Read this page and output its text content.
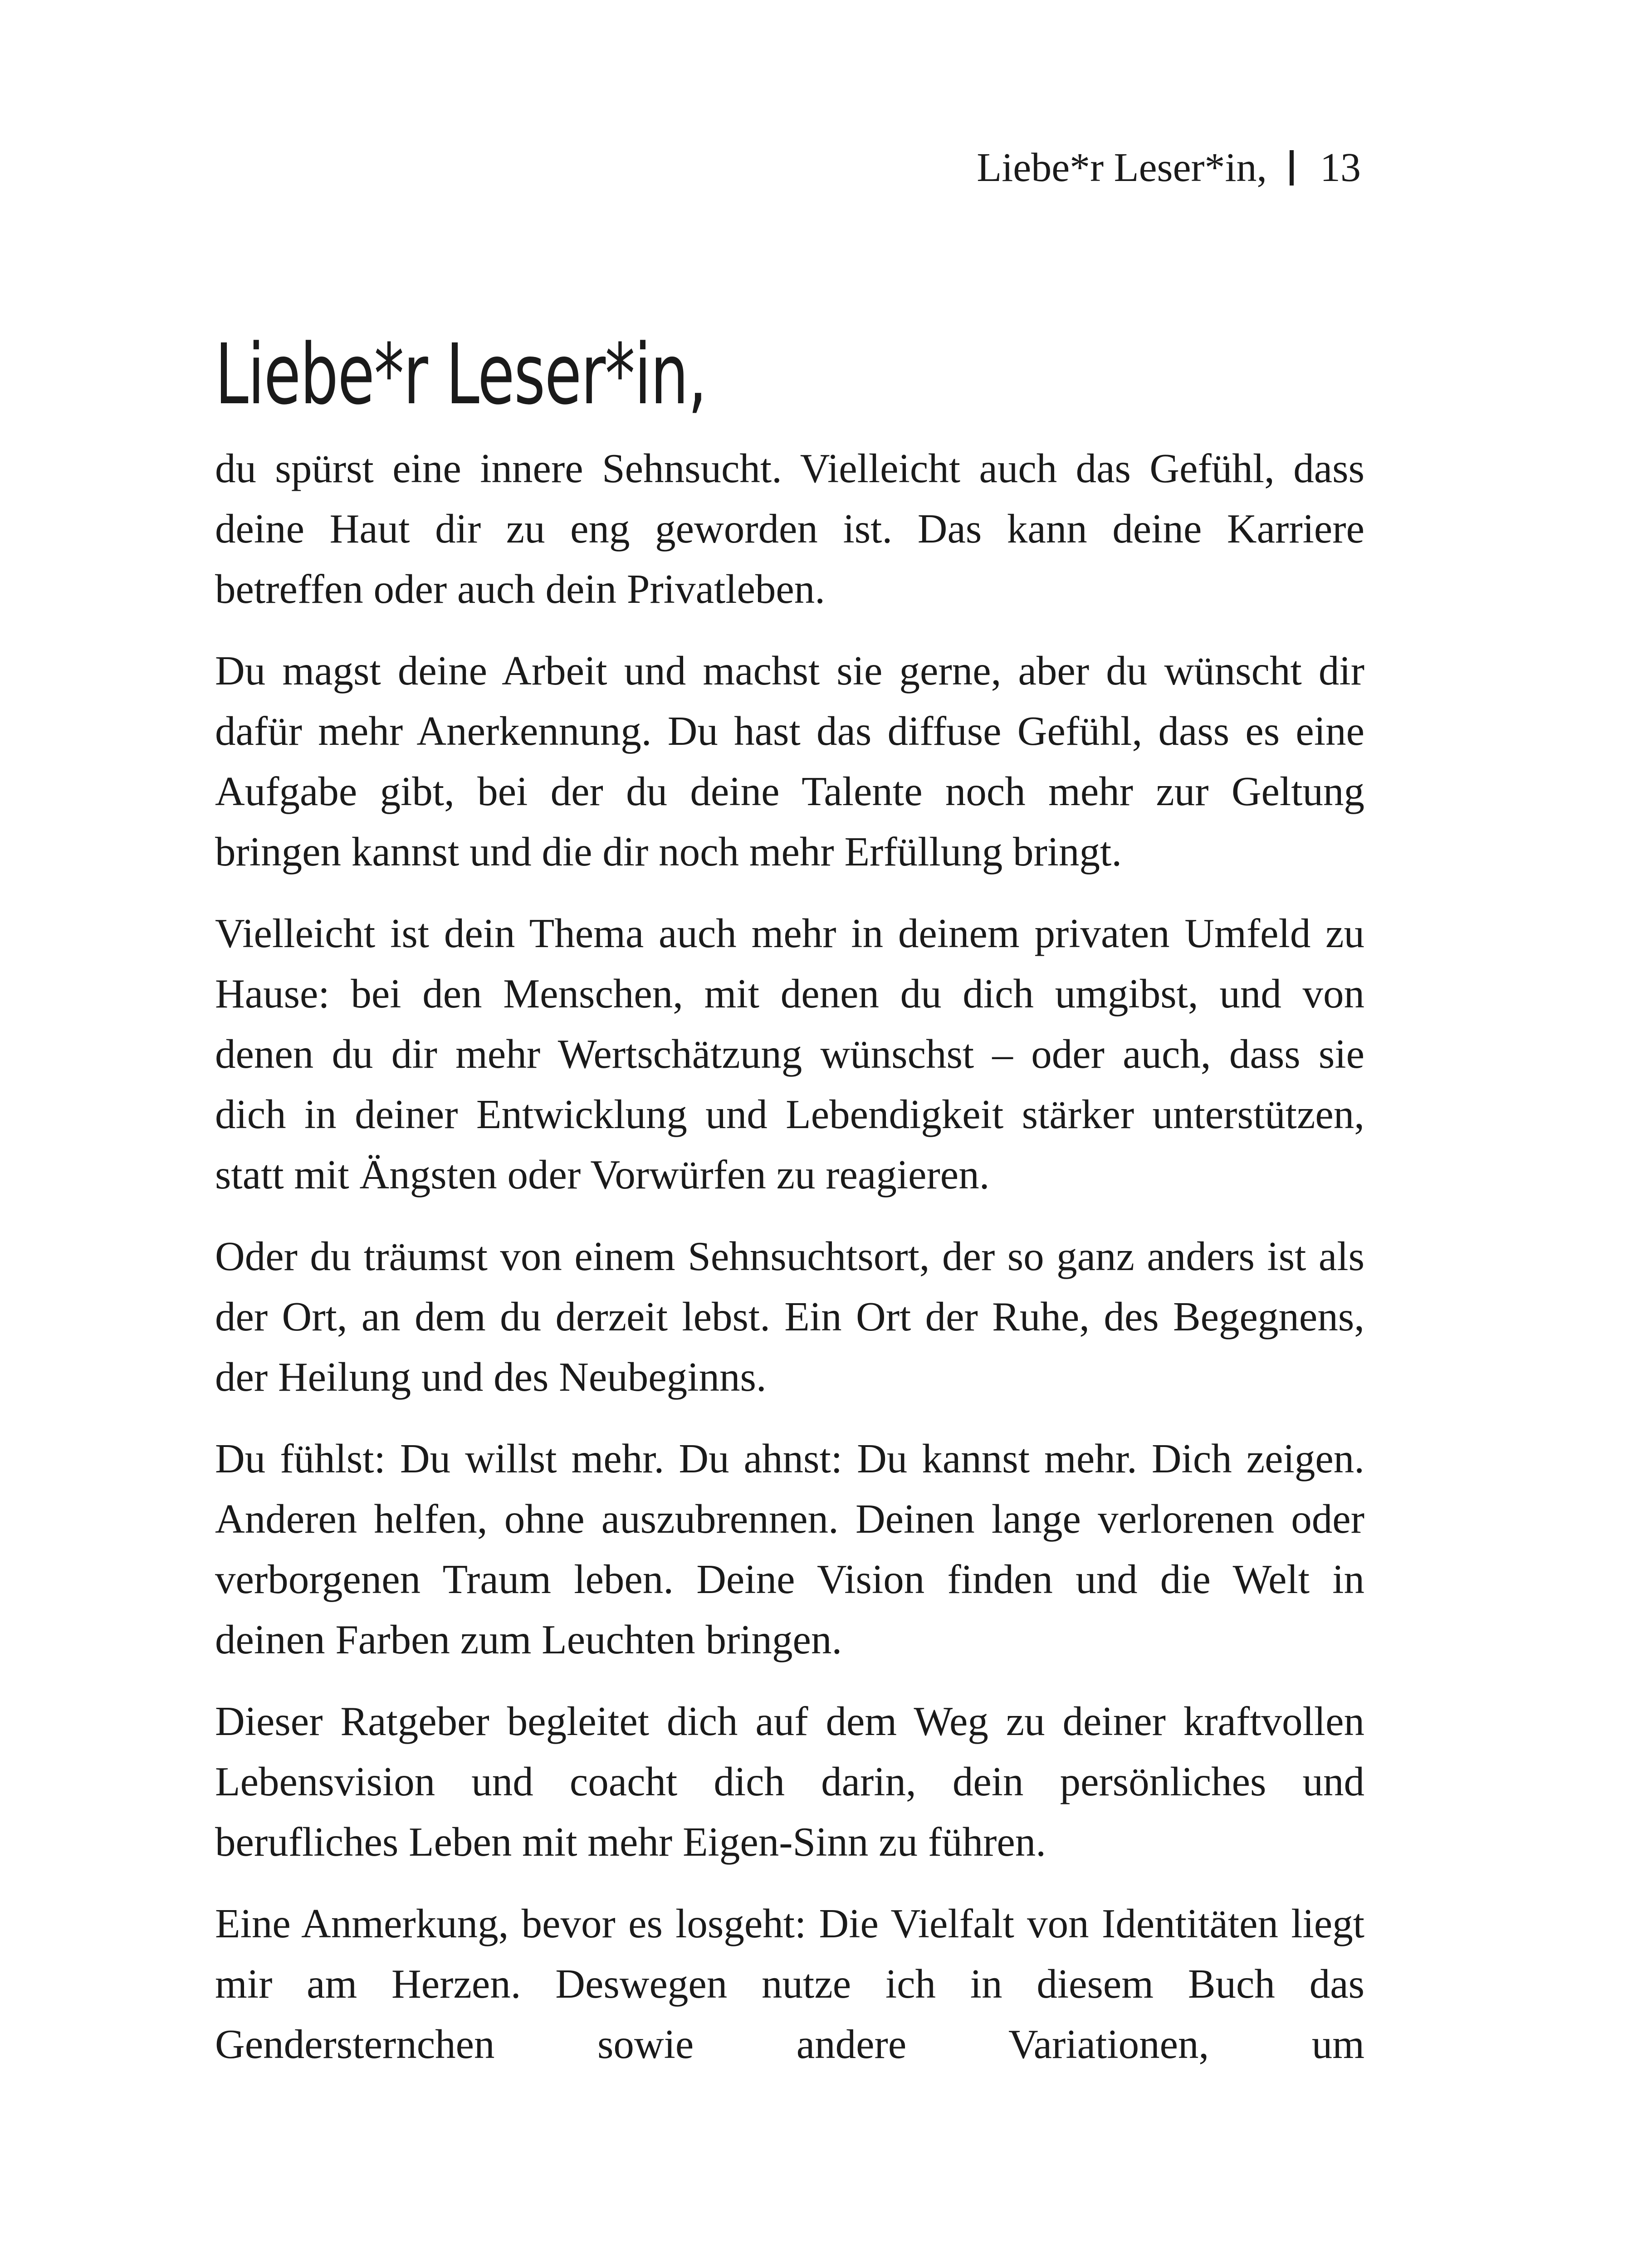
Liebe*r Leser*in, 13
Liebe*r Leser*in,

du spürst eine innere Sehnsucht. Vielleicht auch das Gefühl, dass deine Haut dir zu eng geworden ist. Das kann deine Karriere betreffen oder auch dein Privatleben.

Du magst deine Arbeit und machst sie gerne, aber du wünscht dir dafür mehr Anerkennung. Du hast das diffuse Gefühl, dass es eine Aufgabe gibt, bei der du deine Talente noch mehr zur Geltung bringen kannst und die dir noch mehr Erfüllung bringt.

Vielleicht ist dein Thema auch mehr in deinem privaten Umfeld zu Hause: bei den Menschen, mit denen du dich umgibst, und von denen du dir mehr Wertschätzung wünschst – oder auch, dass sie dich in deiner Entwicklung und Lebendigkeit stärker unterstützen, statt mit Ängsten oder Vorwürfen zu reagieren.

Oder du träumst von einem Sehnsuchtsort, der so ganz anders ist als der Ort, an dem du derzeit lebst. Ein Ort der Ruhe, des Begegnens, der Heilung und des Neubeginns.

Du fühlst: Du willst mehr. Du ahnst: Du kannst mehr. Dich zeigen. Anderen helfen, ohne auszubrennen. Deinen lange verlorenen oder verborgenen Traum leben. Deine Vision finden und die Welt in deinen Farben zum Leuchten bringen.

Dieser Ratgeber begleitet dich auf dem Weg zu deiner kraftvollen Lebensvision und coacht dich darin, dein persönliches und berufliches Leben mit mehr Eigen-Sinn zu führen.

Eine Anmerkung, bevor es losgeht: Die Vielfalt von Identitäten liegt mir am Herzen. Deswegen nutze ich in diesem Buch das Gendersternchen sowie andere Variationen, um
